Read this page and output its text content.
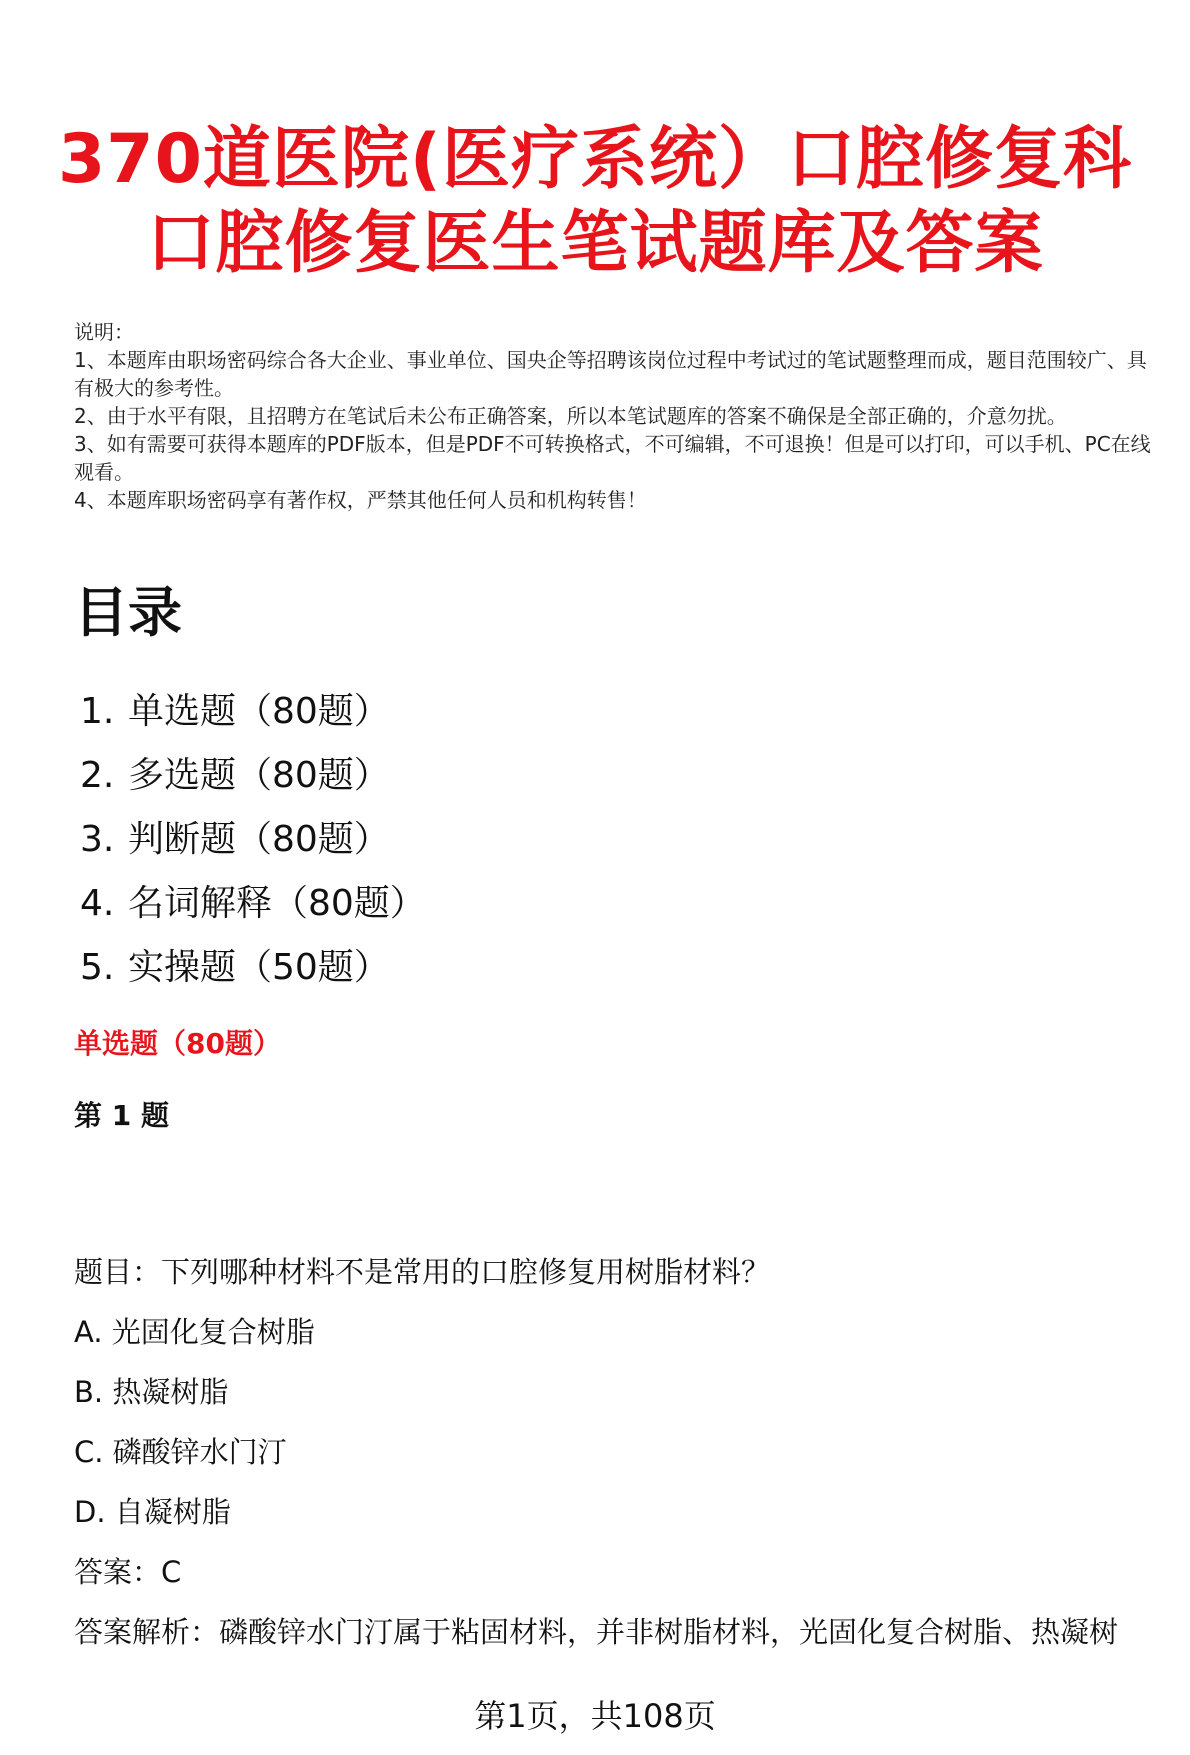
370道医院(医疗系统）口腔修复科
口腔修复医生笔试题库及答案

说明：

1、本题库由职场密码综合各大企业、事业单位、国央企等招聘该岗位过程中考试过的笔试题整理而成，题目范围较广、具有极大的参考性。

2、由于水平有限，且招聘方在笔试后未公布正确答案，所以本笔试题库的答案不确保是全部正确的，介意勿扰。

3、如有需要可获得本题库的PDF版本，但是PDF不可转换格式，不可编辑，不可退换！但是可以打印，可以手机、PC在线观看。

4、本题库职场密码享有著作权，严禁其他任何人员和机构转售！

目录
1. 单选题（80题）
2. 多选题（80题）
3. 判断题（80题）
4. 名词解释（80题）
5. 实操题（50题）
单选题（80题）
第 1 题

题目：下列哪种材料不是常用的口腔修复用树脂材料？

A. 光固化复合树脂

B. 热凝树脂

C. 磷酸锌水门汀

D. 自凝树脂

答案：C

答案解析：磷酸锌水门汀属于粘固材料，并非树脂材料，光固化复合树脂、热凝树

第1页，共108页
